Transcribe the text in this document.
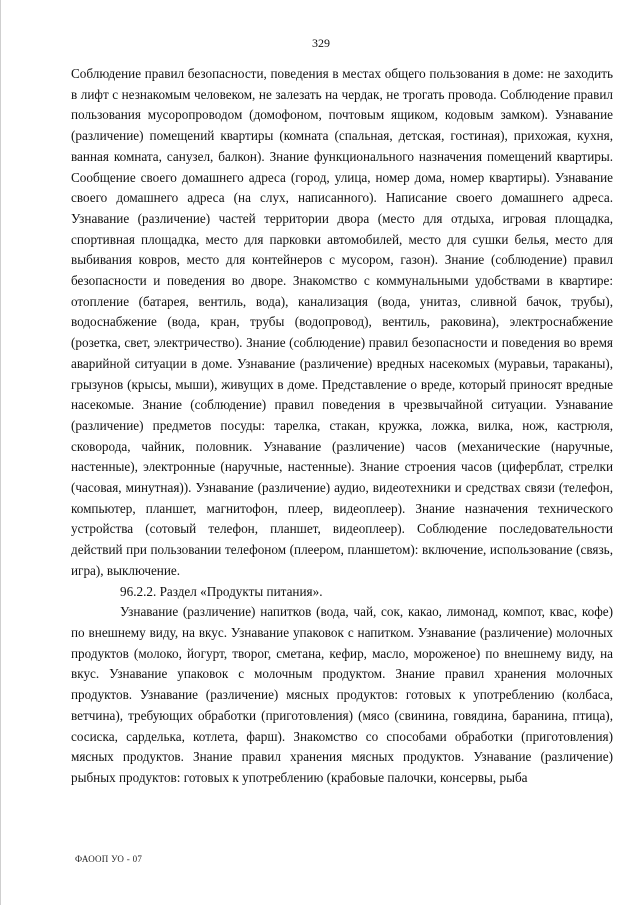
329

Соблюдение правил безопасности, поведения в местах общего пользования в доме: не заходить в лифт с незнакомым человеком, не залезать на чердак, не трогать провода. Соблюдение правил пользования мусоропроводом (домофоном, почтовым ящиком, кодовым замком). Узнавание (различение) помещений квартиры (комната (спальная, детская, гостиная), прихожая, кухня, ванная комната, санузел, балкон). Знание функционального назначения помещений квартиры. Сообщение своего домашнего адреса (город, улица, номер дома, номер квартиры). Узнавание своего домашнего адреса (на слух, написанного). Написание своего домашнего адреса. Узнавание (различение) частей территории двора (место для отдыха, игровая площадка, спортивная площадка, место для парковки автомобилей, место для сушки белья, место для выбивания ковров, место для контейнеров с мусором, газон). Знание (соблюдение) правил безопасности и поведения во дворе. Знакомство с коммунальными удобствами в квартире: отопление (батарея, вентиль, вода), канализация (вода, унитаз, сливной бачок, трубы), водоснабжение (вода, кран, трубы (водопровод), вентиль, раковина), электроснабжение (розетка, свет, электричество). Знание (соблюдение) правил безопасности и поведения во время аварийной ситуации в доме. Узнавание (различение) вредных насекомых (муравьи, тараканы), грызунов (крысы, мыши), живущих в доме. Представление о вреде, который приносят вредные насекомые. Знание (соблюдение) правил поведения в чрезвычайной ситуации. Узнавание (различение) предметов посуды: тарелка, стакан, кружка, ложка, вилка, нож, кастрюля, сковорода, чайник, половник. Узнавание (различение) часов (механические (наручные, настенные), электронные (наручные, настенные). Знание строения часов (циферблат, стрелки (часовая, минутная)). Узнавание (различение) аудио, видеотехники и средствах связи (телефон, компьютер, планшет, магнитофон, плеер, видеоплеер). Знание назначения технического устройства (сотовый телефон, планшет, видеоплеер). Соблюдение последовательности действий при пользовании телефоном (плеером, планшетом): включение, использование (связь, игра), выключение.

96.2.2. Раздел «Продукты питания».

Узнавание (различение) напитков (вода, чай, сок, какао, лимонад, компот, квас, кофе) по внешнему виду, на вкус. Узнавание упаковок с напитком. Узнавание (различение) молочных продуктов (молоко, йогурт, творог, сметана, кефир, масло, мороженое) по внешнему виду, на вкус. Узнавание упаковок с молочным продуктом. Знание правил хранения молочных продуктов. Узнавание (различение) мясных продуктов: готовых к употреблению (колбаса, ветчина), требующих обработки (приготовления) (мясо (свинина, говядина, баранина, птица), сосиска, сарделька, котлета, фарш). Знакомство со способами обработки (приготовления) мясных продуктов. Знание правил хранения мясных продуктов. Узнавание (различение) рыбных продуктов: готовых к употреблению (крабовые палочки, консервы, рыба

ФАООП УО - 07
